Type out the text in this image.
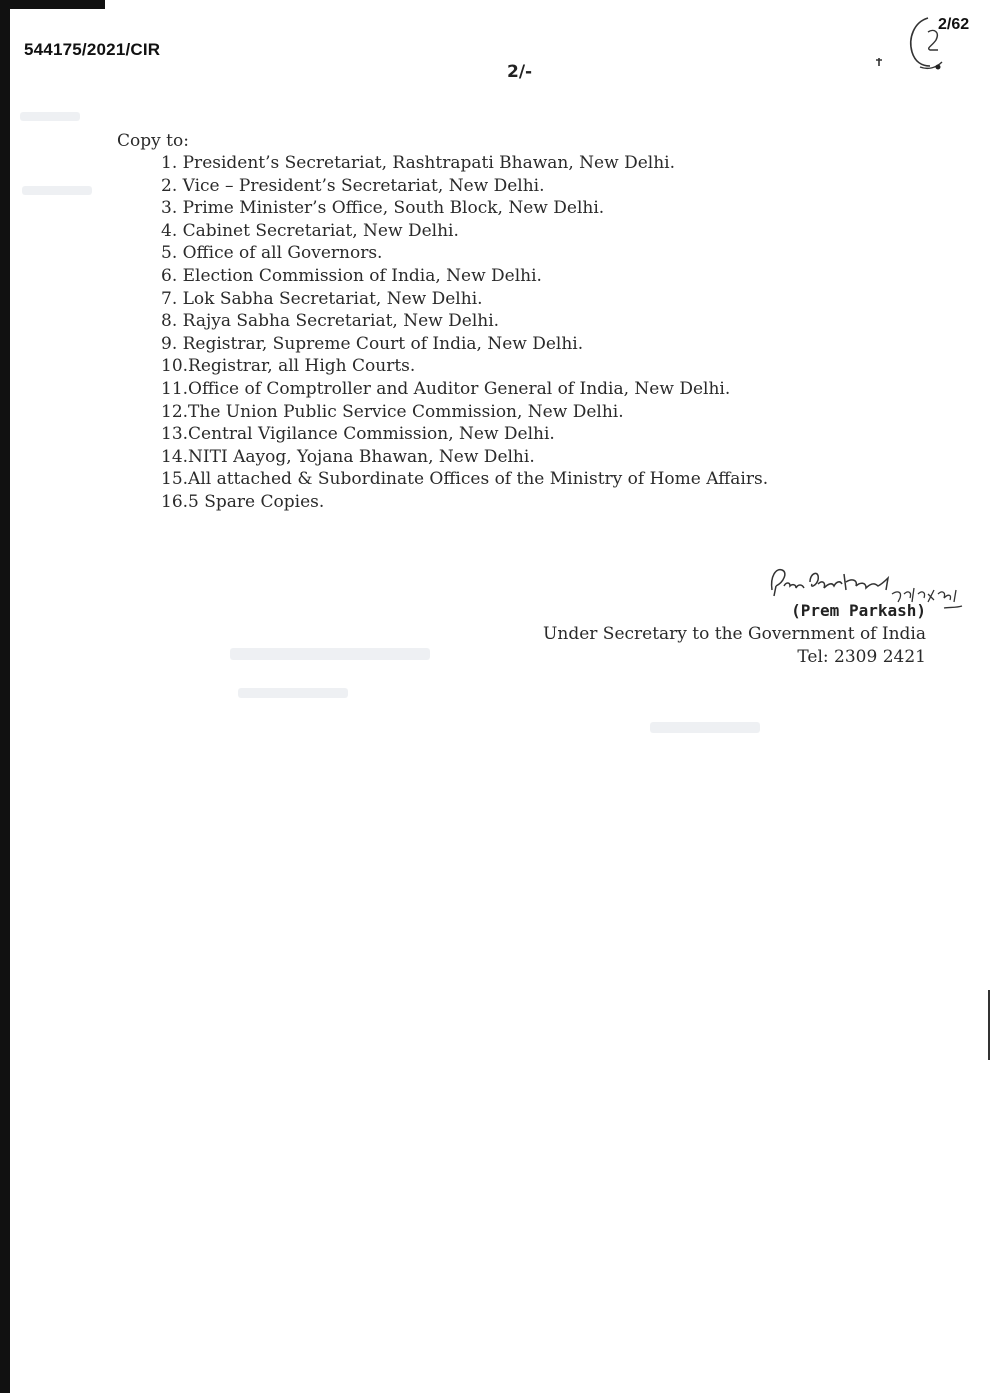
544175/2021/CIR
2/-
2/62
Copy to:
1. President’s Secretariat, Rashtrapati Bhawan, New Delhi.
2. Vice – President’s Secretariat, New Delhi.
3. Prime Minister’s Office, South Block, New Delhi.
4. Cabinet Secretariat, New Delhi.
5. Office of all Governors.
6. Election Commission of India, New Delhi.
7. Lok Sabha Secretariat, New Delhi.
8. Rajya Sabha Secretariat, New Delhi.
9. Registrar, Supreme Court of India, New Delhi.
10.Registrar, all High Courts.
11.Office of Comptroller and Auditor General of India, New Delhi.
12.The Union Public Service Commission, New Delhi.
13.Central Vigilance Commission, New Delhi.
14.NITI Aayog, Yojana Bhawan, New Delhi.
15.All attached & Subordinate Offices of the Ministry of Home Affairs.
16.5 Spare Copies.
(Prem Parkash)
Under Secretary to the Government of India
Tel: 2309 2421
